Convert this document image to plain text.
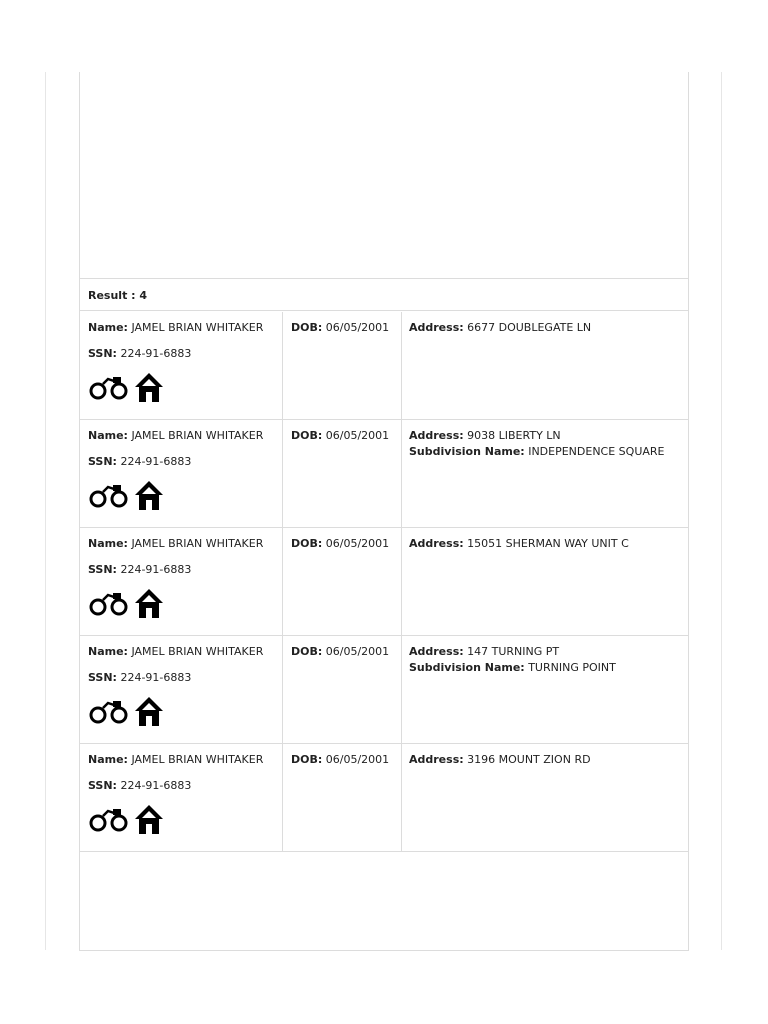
Result : 4
Name: JAMEL BRIAN WHITAKER
SSN: 224-91-6883
DOB: 06/05/2001	Address: 6677 DOUBLEGATE LN
Name: JAMEL BRIAN WHITAKER
SSN: 224-91-6883
DOB: 06/05/2001	Address: 9038 LIBERTY LN
Subdivision Name: INDEPENDENCE SQUARE
Name: JAMEL BRIAN WHITAKER
SSN: 224-91-6883
DOB: 06/05/2001	Address: 15051 SHERMAN WAY UNIT C
Name: JAMEL BRIAN WHITAKER
SSN: 224-91-6883
DOB: 06/05/2001	Address: 147 TURNING PT
Subdivision Name: TURNING POINT
Name: JAMEL BRIAN WHITAKER
SSN: 224-91-6883
DOB: 06/05/2001	Address: 3196 MOUNT ZION RD
